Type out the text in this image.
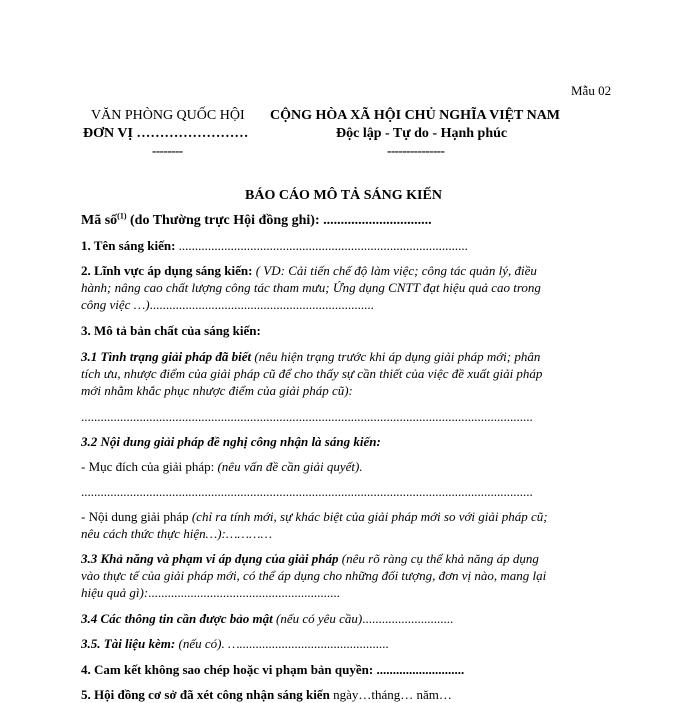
Mẫu 02
VĂN PHÒNG QUỐC HỘI
ĐƠN VỊ ……………………
--------
CỘNG HÒA XÃ HỘI CHỦ NGHĨA VIỆT NAM
Độc lập - Tự do - Hạnh phúc
---------------
BÁO CÁO MÔ TẢ SÁNG KIẾN
Mã số$^{(1)}$ (do Thường trực Hội đồng ghi): ...............................
1. Tên sáng kiến: .........................................................................................
2. Lĩnh vực áp dụng sáng kiến: ( VD: Cải tiến chế độ làm việc; công tác quản lý, điều
hành; nâng cao chất lượng công tác tham mưu; Ứng dụng CNTT đạt hiệu quả cao trong
công việc …).....................................................................
3. Mô tả bản chất của sáng kiến:
3.1 Tình trạng giải pháp đã biết (nêu hiện trạng trước khi áp dụng giải pháp mới; phân
tích ưu, nhược điểm của giải pháp cũ để cho thấy sự cần thiết của việc đề xuất giải pháp
mới nhằm khắc phục nhược điểm của giải pháp cũ):
...........................................................................................................................................
3.2 Nội dung giải pháp đề nghị công nhận là sáng kiến:
- Mục đích của giải pháp: (nêu vấn đề cần giải quyết).
...........................................................................................................................................
- Nội dung giải pháp (chỉ ra tính mới, sự khác biệt của giải pháp mới so với giải pháp cũ;
nêu cách thức thực hiện…):…………
3.3 Khả năng và phạm vi áp dụng của giải pháp (nêu rõ ràng cụ thể khả năng áp dụng
vào thực tế của giải pháp mới, có thể áp dụng cho những đối tượng, đơn vị nào, mang lại
hiệu quả gì):...........................................................
3.4 Các thông tin cần được bảo mật (nếu có yêu cầu)............................
3.5. Tài liệu kèm: (nếu có). …..............................................
4. Cam kết không sao chép hoặc vi phạm bản quyền: ...........................
5. Hội đồng cơ sở đã xét công nhận sáng kiến ngày…tháng… năm…
